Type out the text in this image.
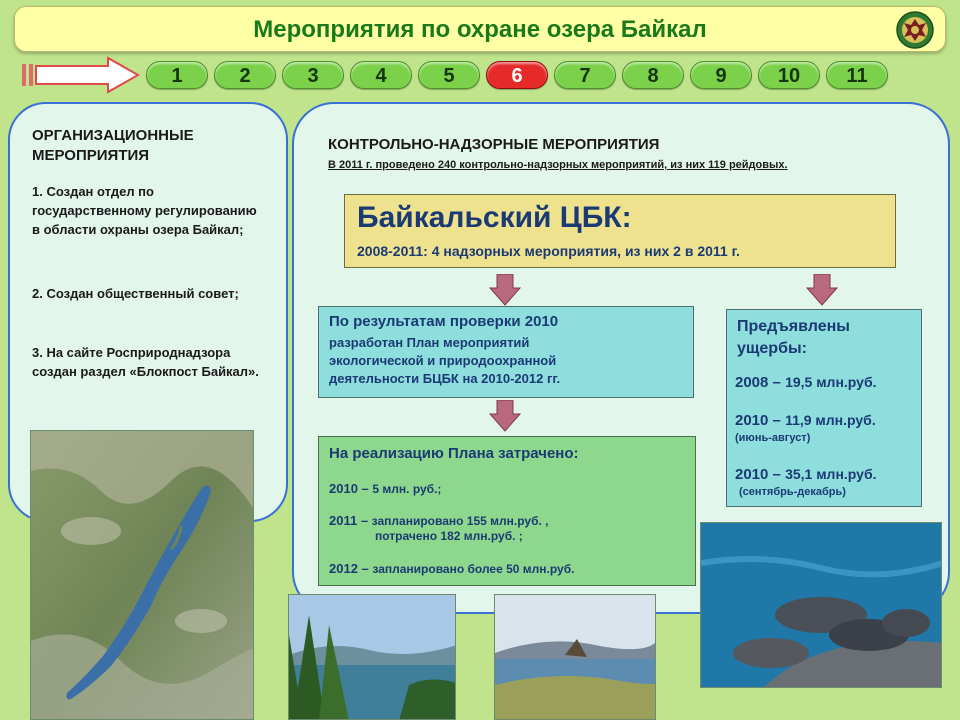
Мероприятия по охране озера Байкал
1	2	3	4	5	6	7	8	9	10	11
ОРГАНИЗАЦИОННЫЕ МЕРОПРИЯТИЯ
1. Создан отдел по государственному регулированию в области охраны озера Байкал;
2. Создан общественный совет;
3. На сайте Росприроднадзора создан раздел «Блокпост Байкал».
КОНТРОЛЬНО-НАДЗОРНЫЕ МЕРОПРИЯТИЯ
В 2011 г. проведено 240 контрольно-надзорных мероприятий, из них 119 рейдовых.
Байкальский ЦБК:
2008-2011: 4 надзорных мероприятия, из них 2 в 2011 г.
По результатам проверки 2010
разработан План мероприятий
экологической и природоохранной
деятельности БЦБК на 2010-2012 гг.
На реализацию Плана затрачено:
2010 – 5 млн. руб.;
2011 – запланировано 155 млн.руб. ,
потрачено 182 млн.руб. ;
2012 – запланировано более 50 млн.руб.
Предъявлены
ущербы:
2008 – 19,5 млн.руб.
2010 – 11,9 млн.руб.
(июнь-август)
2010 – 35,1 млн.руб.
(сентябрь-декабрь)
